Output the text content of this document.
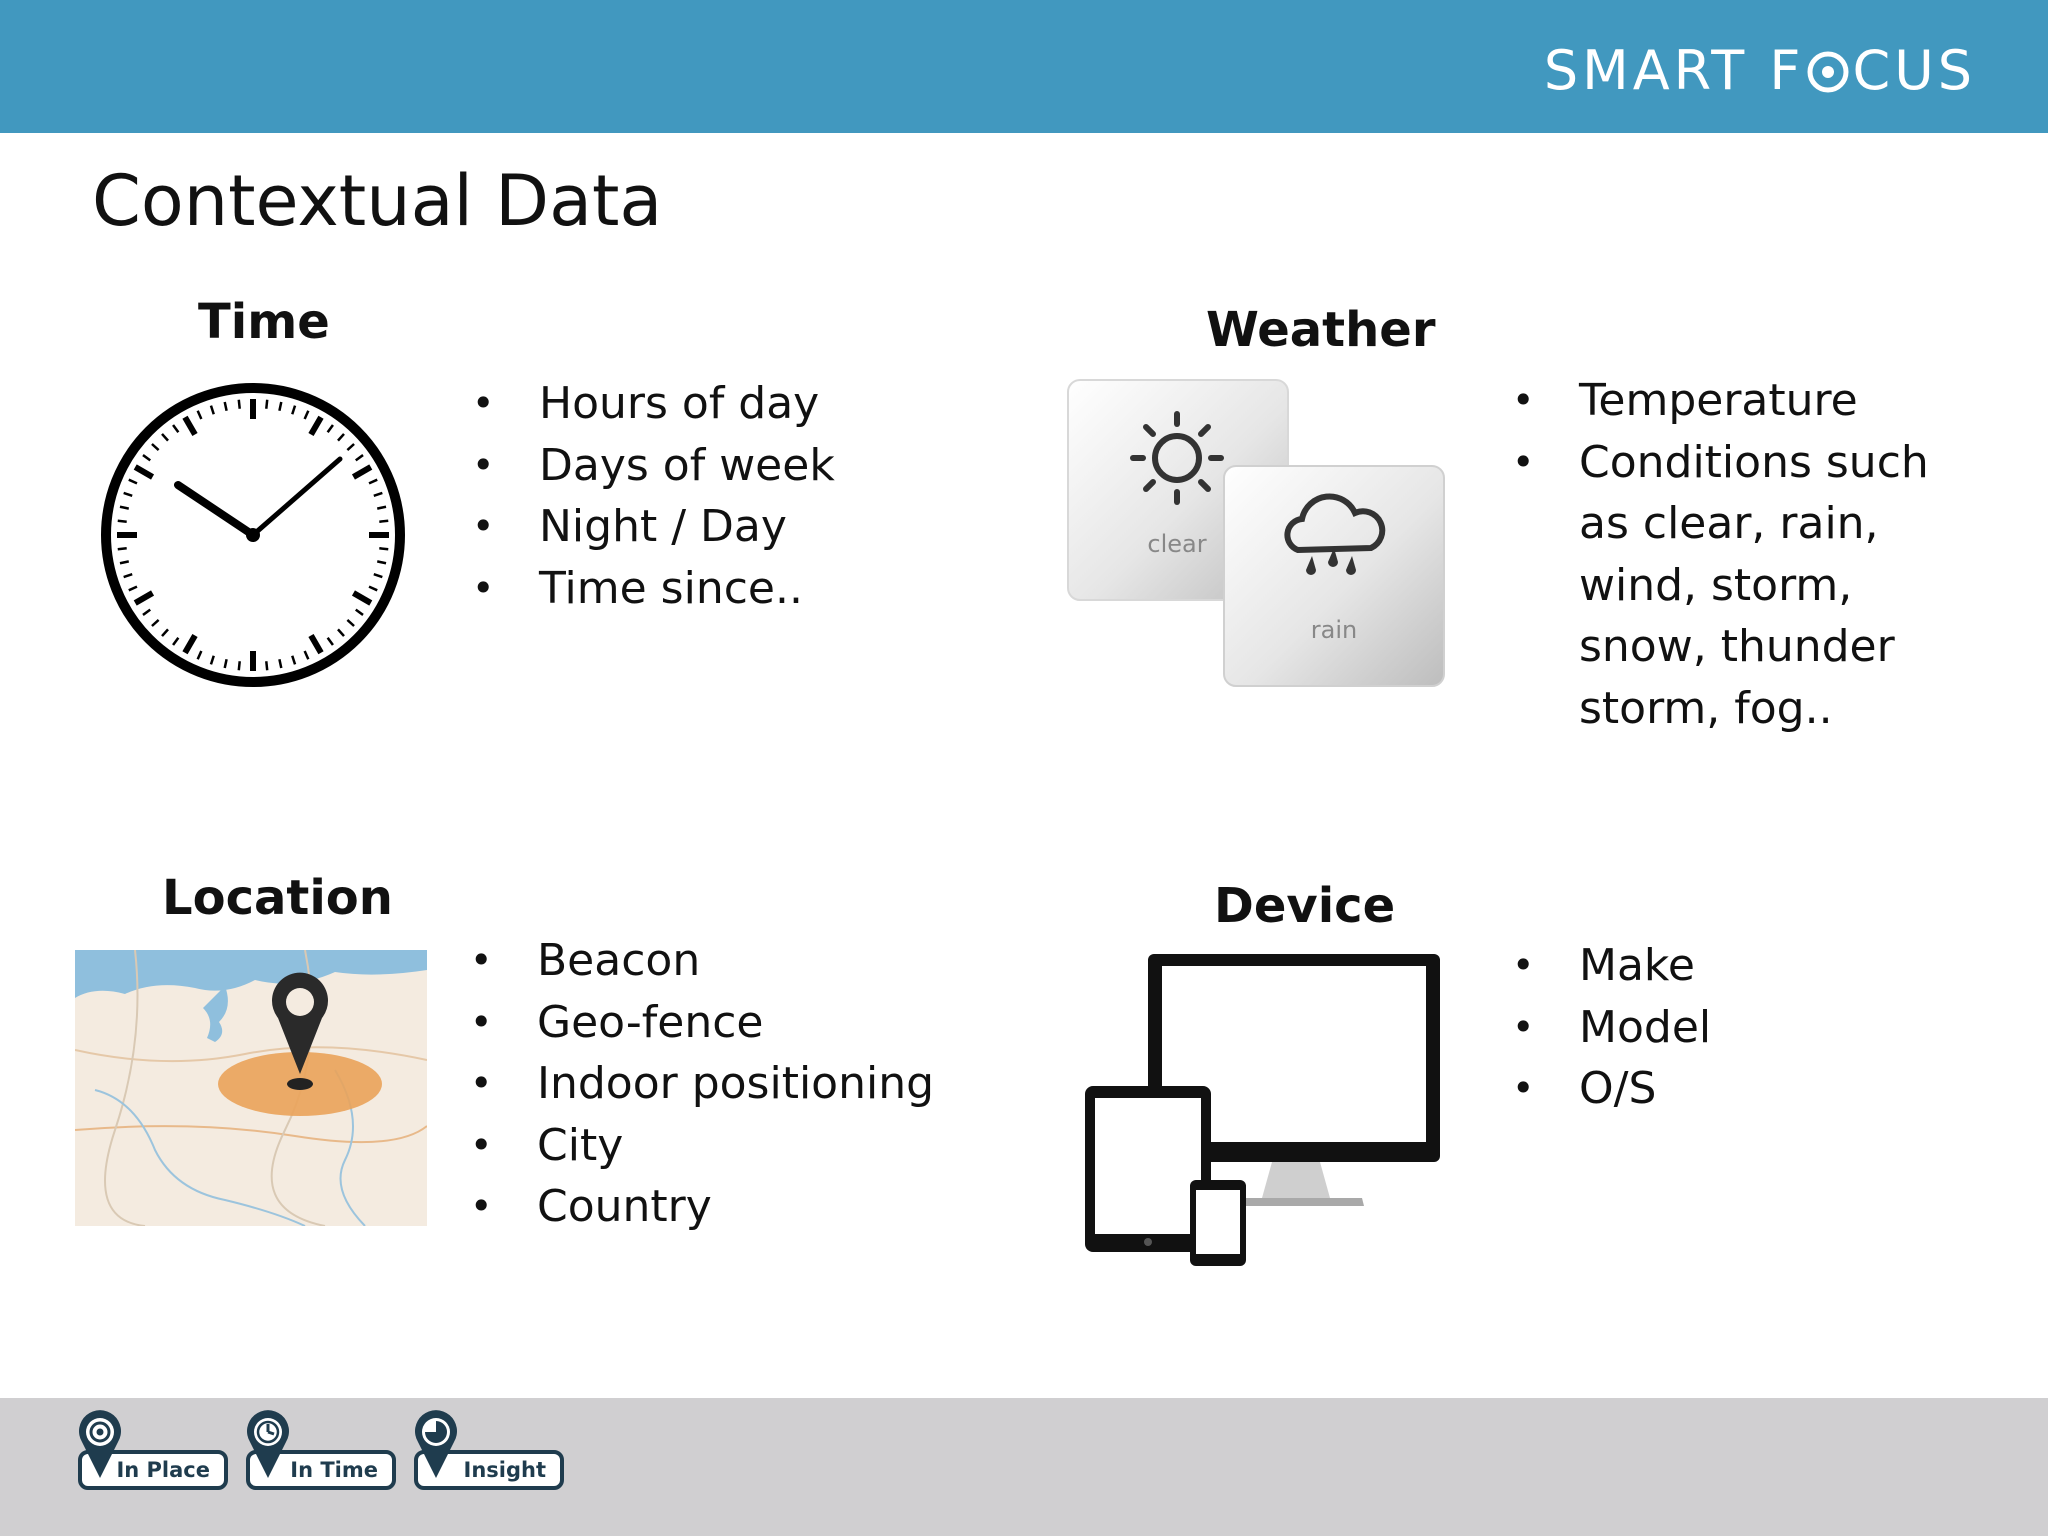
SMART F CUS
Contextual Data
Time
• Hours of day
• Days of week
• Night / Day
• Time since..
Weather
clear
rain
• Temperature
• Conditions such as clear, rain, wind, storm, snow, thunder storm, fog..
Location
• Beacon
• Geo-fence
• Indoor positioning
• City
• Country
Device
• Make
• Model
• O/S
In Place	In Time	Insight
